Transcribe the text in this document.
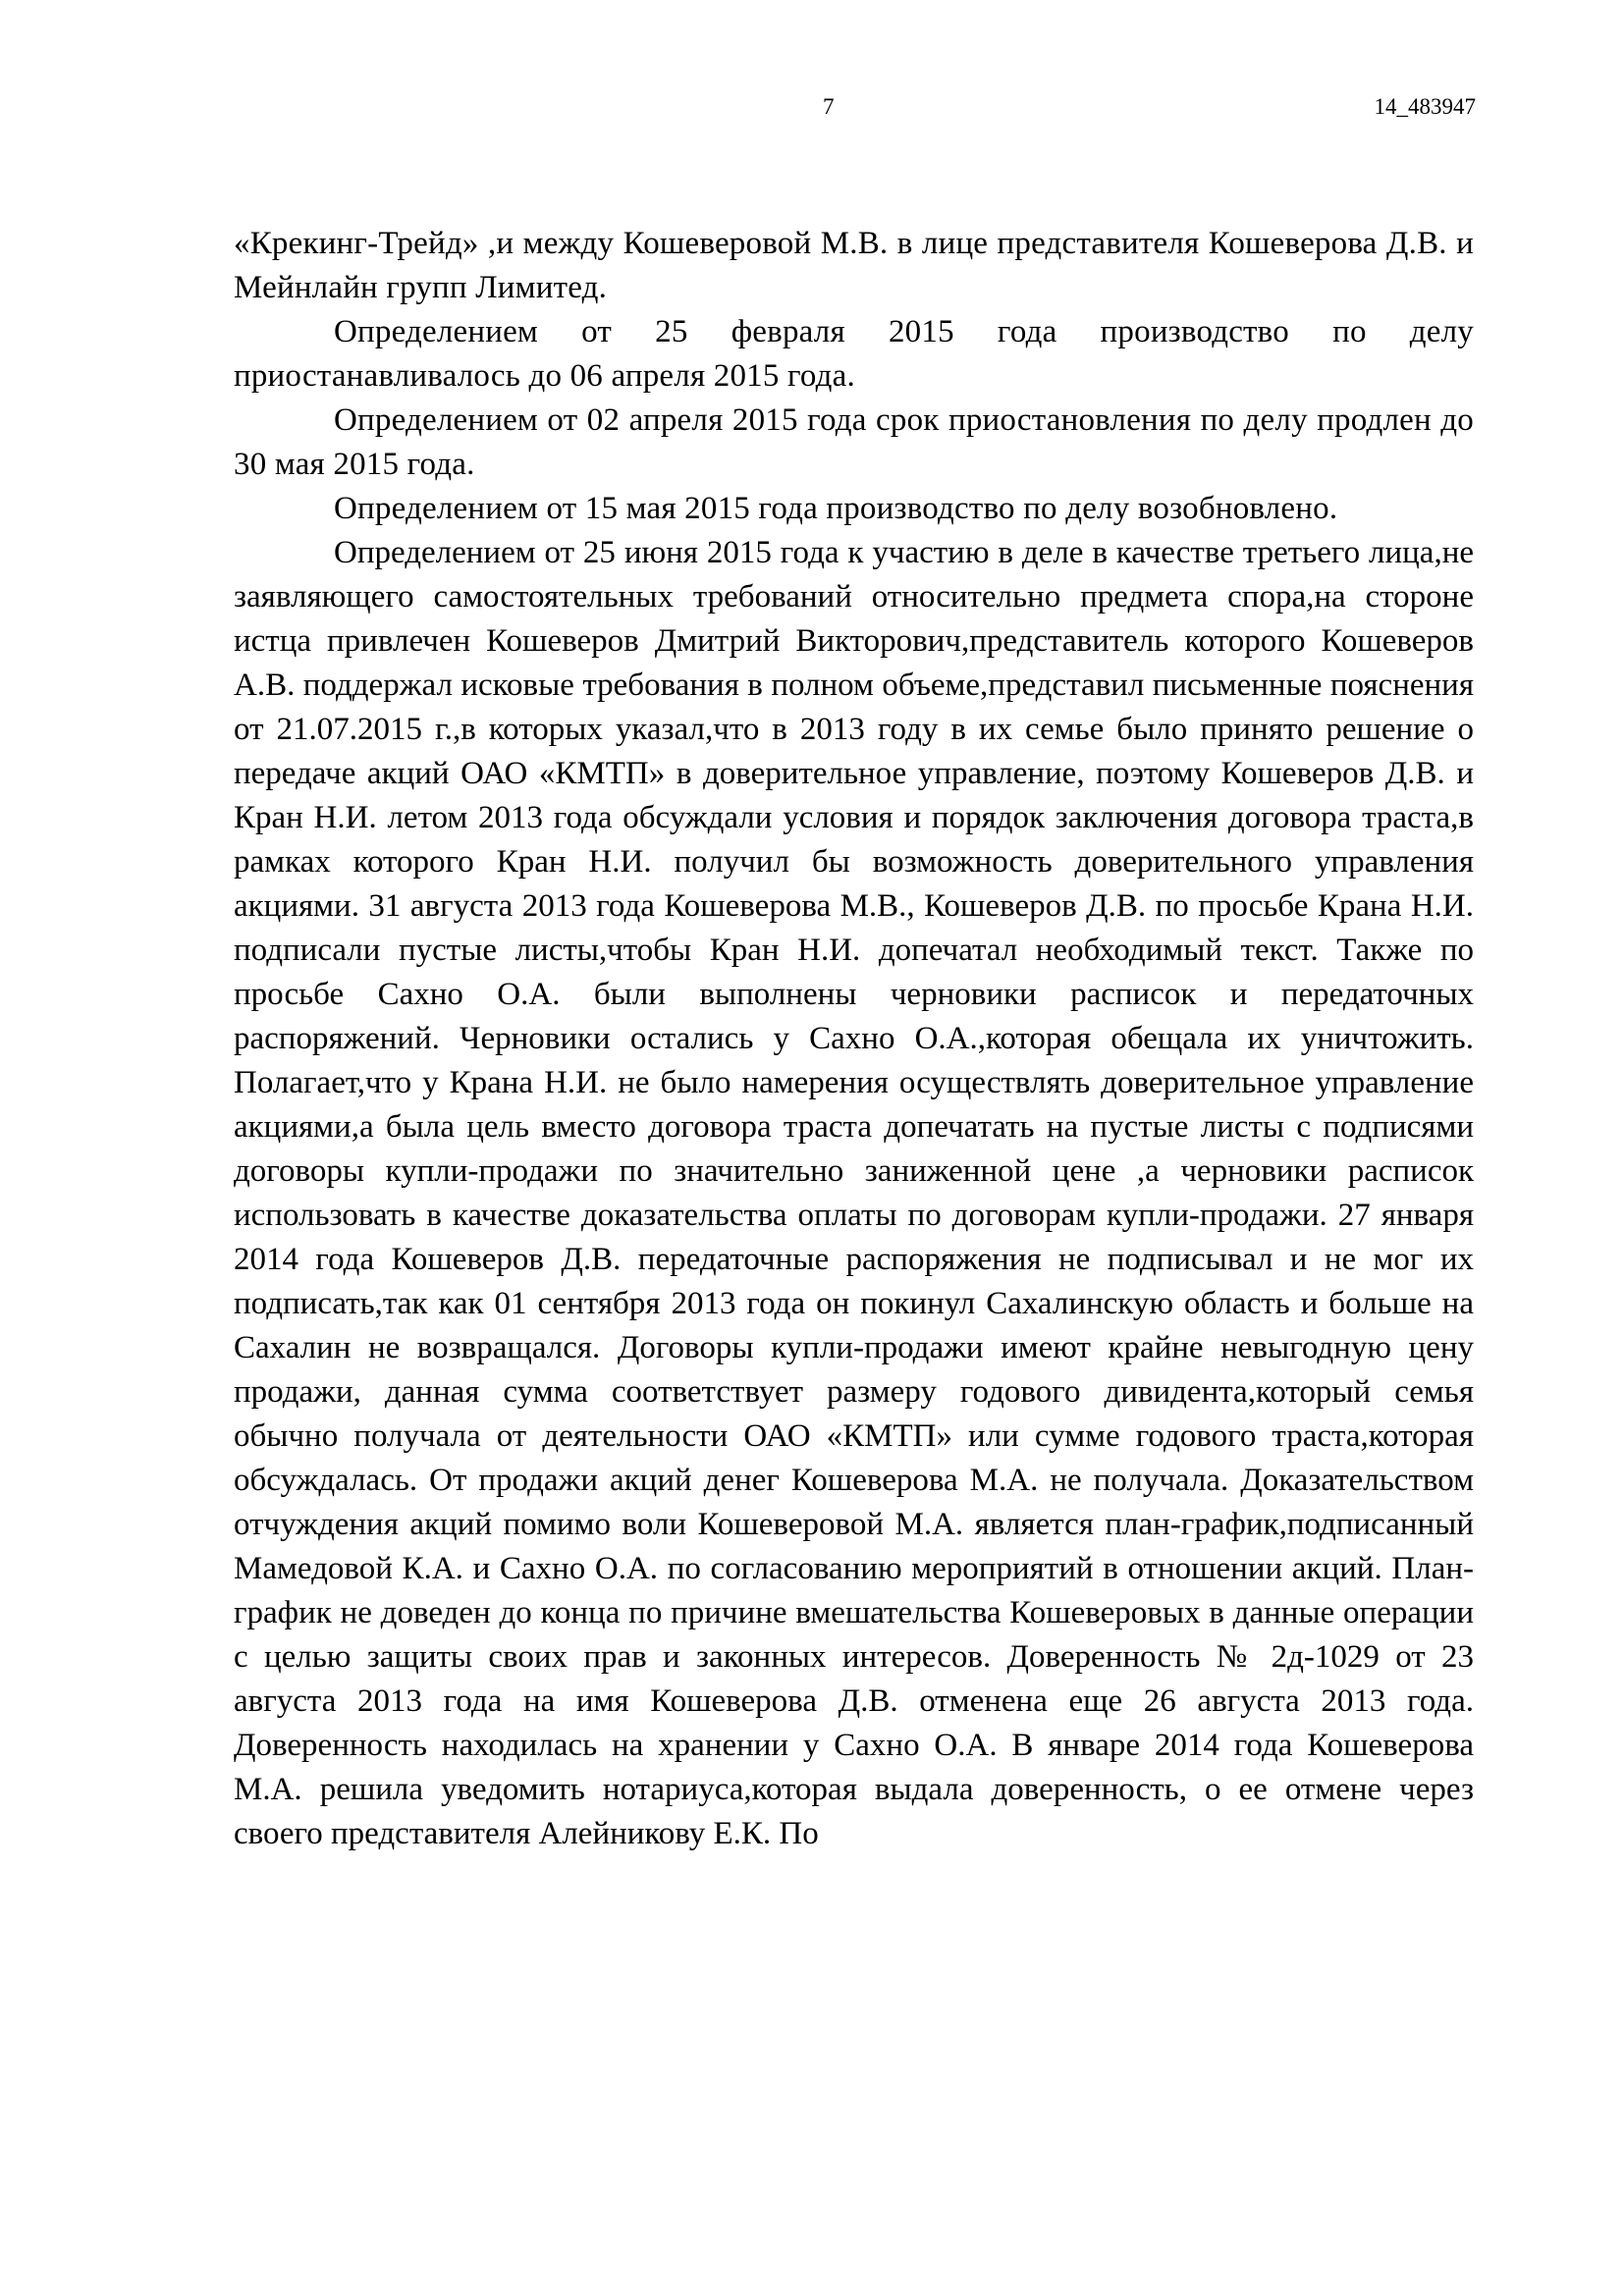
7	14_483947

«Крекинг-Трейд» ,и между Кошеверовой М.В. в лице представителя Кошеверова Д.В. и Мейнлайн групп Лимитед.

Определением от 25 февраля 2015 года производство по делу приостанавливалось до 06 апреля 2015 года.

Определением от 02 апреля 2015 года срок приостановления по делу продлен до 30 мая 2015 года.

Определением от 15 мая 2015 года производство по делу возобновлено.

Определением от 25 июня 2015 года к участию в деле в качестве третьего лица,не заявляющего самостоятельных требований относительно предмета спора,на стороне истца привлечен Кошеверов Дмитрий Викторович,представитель которого Кошеверов А.В. поддержал исковые требования в полном объеме,представил письменные пояснения от 21.07.2015 г.,в которых указал,что в 2013 году в их семье было принято решение о передаче акций ОАО «КМТП» в доверительное управление, поэтому Кошеверов Д.В. и Кран Н.И. летом 2013 года обсуждали условия и порядок заключения договора траста,в рамках которого Кран Н.И. получил бы возможность доверительного управления акциями. 31 августа 2013 года Кошеверова М.В., Кошеверов Д.В. по просьбе Крана Н.И. подписали пустые листы,чтобы Кран Н.И. допечатал необходимый текст. Также по просьбе Сахно О.А. были выполнены черновики расписок и передаточных распоряжений. Черновики остались у Сахно О.А.,которая обещала их уничтожить. Полагает,что у Крана Н.И. не было намерения осуществлять доверительное управление акциями,а была цель вместо договора траста допечатать на пустые листы с подписями договоры купли-продажи по значительно заниженной цене ,а черновики расписок использовать в качестве доказательства оплаты по договорам купли-продажи. 27 января 2014 года Кошеверов Д.В. передаточные распоряжения не подписывал и не мог их подписать,так как 01 сентября 2013 года он покинул Сахалинскую область и больше на Сахалин не возвращался. Договоры купли-продажи имеют крайне невыгодную цену продажи, данная сумма соответствует размеру годового дивидента,который семья обычно получала от деятельности ОАО «КМТП» или сумме годового траста,которая обсуждалась. От продажи акций денег Кошеверова М.А. не получала. Доказательством отчуждения акций помимо воли Кошеверовой М.А. является план-график,подписанный Мамедовой К.А. и Сахно О.А. по согласованию мероприятий в отношении акций. План-график не доведен до конца по причине вмешательства Кошеверовых в данные операции с целью защиты своих прав и законных интересов. Доверенность № 2д-1029 от 23 августа 2013 года на имя Кошеверова Д.В. отменена еще 26 августа 2013 года. Доверенность находилась на хранении у Сахно О.А. В январе 2014 года Кошеверова М.А. решила уведомить нотариуса,которая выдала доверенность, о ее отмене через своего представителя Алейникову Е.К. По
